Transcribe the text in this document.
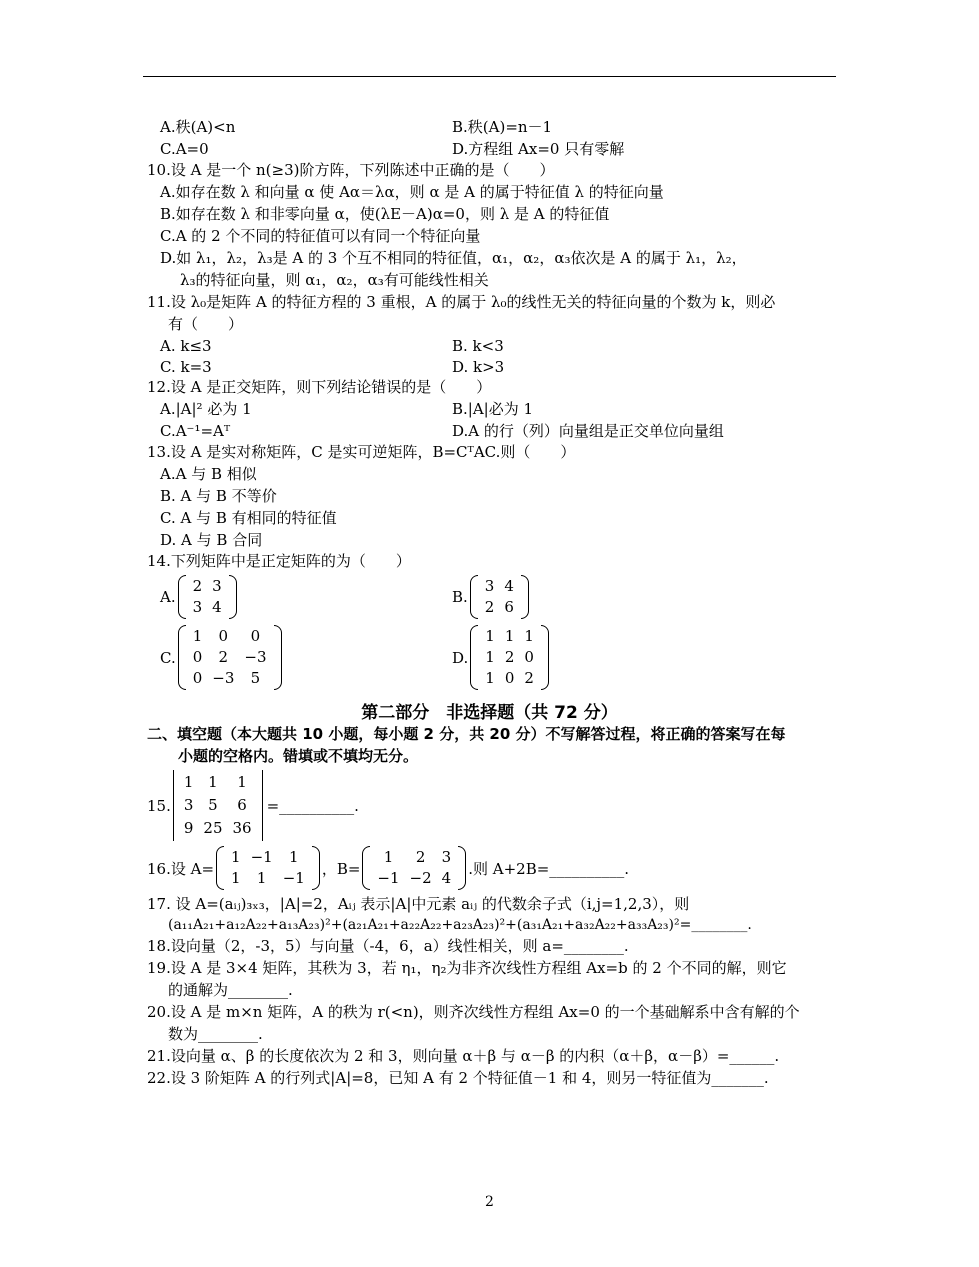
A.秩(A)<n	B.秩(A)=n－1
C.A=0	D.方程组 Ax=0 只有零解
10.设 A 是一个 n(≥3)阶方阵，下列陈述中正确的是（　　）
A.如存在数 λ 和向量 α 使 Aα＝λα，则 α 是 A 的属于特征值 λ 的特征向量
B.如存在数 λ 和非零向量 α，使(λE－A)α=0，则 λ 是 A 的特征值
C.A 的 2 个不同的特征值可以有同一个特征向量
D.如 λ₁，λ₂，λ₃是 A 的 3 个互不相同的特征值，α₁，α₂，α₃依次是 A 的属于 λ₁，λ₂，
λ₃的特征向量，则 α₁，α₂，α₃有可能线性相关
11.设 λ₀是矩阵 A 的特征方程的 3 重根，A 的属于 λ₀的线性无关的特征向量的个数为 k，则必
有（　　）
A. k≤3	B. k<3
C. k=3	D. k>3
12.设 A 是正交矩阵，则下列结论错误的是（　　）
A.|A|² 必为 1	B.|A|必为 1
C.A⁻¹=Aᵀ	D.A 的行（列）向量组是正交单位向量组
13.设 A 是实对称矩阵，C 是实可逆矩阵，B=CᵀAC.则（　　）
A.A 与 B 相似
B. A 与 B 不等价
C. A 与 B 有相同的特征值
D. A 与 B 合同
14.下列矩阵中是正定矩阵的为（　　）
A.
2 3
3 4
B.
3 4
2 6
C.
1	0	0
0	2	−3
0 −3	5
D.
1 1 1
1 2 0
1 0 2
第二部分　非选择题（共 72 分）
二、填空题（本大题共 10 小题，每小题 2 分，共 20 分）不写解答过程，将正确的答案写在每
小题的空格内。错填或不填均无分。
15.
1 1	1
3 5	6
9 25 36
=__________.
16.设 A=
1 −1	1
1	1	−1
，B=
1	2	3
−1 −2 4
.则 A+2B=__________.
17. 设 A=(aᵢⱼ)₃ₓ₃，|A|=2，Aᵢⱼ 表示|A|中元素 aᵢⱼ 的代数余子式（i,j=1,2,3），则
(a₁₁A₂₁+a₁₂A₂₂+a₁₃A₂₃)²+(a₂₁A₂₁+a₂₂A₂₂+a₂₃A₂₃)²+(a₃₁A₂₁+a₃₂A₂₂+a₃₃A₂₃)²=________.
18.设向量（2，-3，5）与向量（-4，6，a）线性相关，则 a=________.
19.设 A 是 3×4 矩阵，其秩为 3，若 η₁，η₂为非齐次线性方程组 Ax=b 的 2 个不同的解，则它
的通解为________.
20.设 A 是 m×n 矩阵，A 的秩为 r(<n)，则齐次线性方程组 Ax=0 的一个基础解系中含有解的个
数为________.
21.设向量 α、β 的长度依次为 2 和 3，则向量 α＋β 与 α－β 的内积（α＋β，α－β）=______.
22.设 3 阶矩阵 A 的行列式|A|=8，已知 A 有 2 个特征值－1 和 4，则另一特征值为_______.
2
